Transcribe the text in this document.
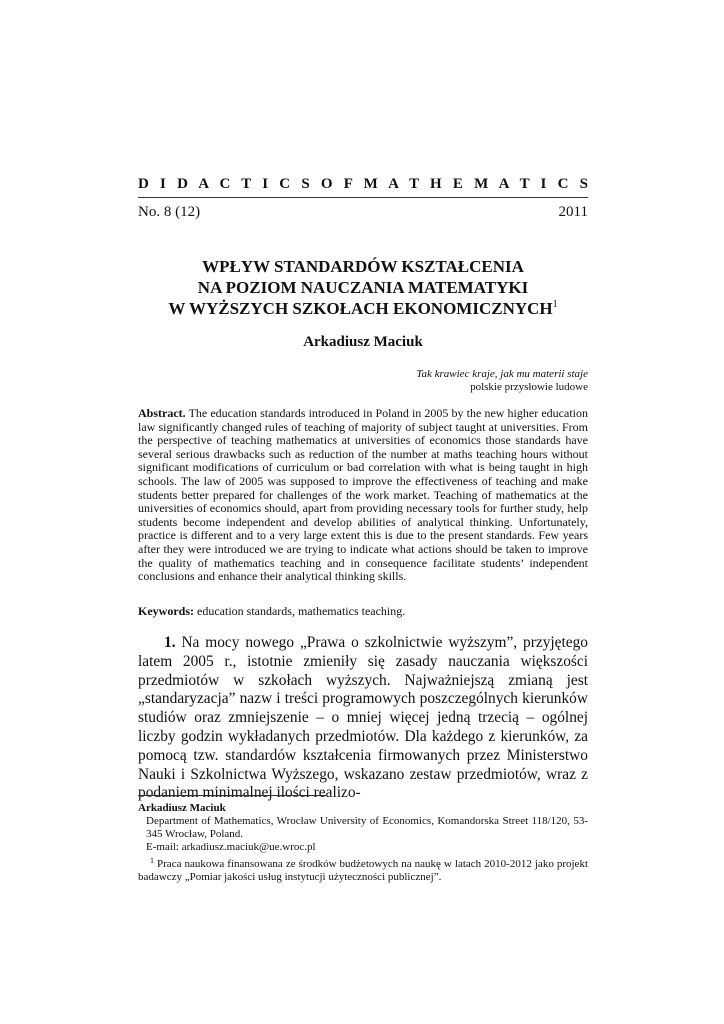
D I D A C T I C S O F M A T H E M A T I C S
No. 8 (12)	2011
WPŁYW STANDARDÓW KSZTAŁCENIA
NA POZIOM NAUCZANIA MATEMATYKI
W WYŻSZYCH SZKOŁACH EKONOMICZNYCH$^1$
Arkadiusz Maciuk
Tak krawiec kraje, jak mu materii staje
polskie przysłowie ludowe
Abstract. The education standards introduced in Poland in 2005 by the new higher education law significantly changed rules of teaching of majority of subject taught at universities. From the perspective of teaching mathematics at universities of economics those standards have several serious drawbacks such as reduction of the number at maths teaching hours without significant modifications of curriculum or bad correlation with what is being taught in high schools. The law of 2005 was supposed to improve the effectiveness of teaching and make students better prepared for challenges of the work market. Teaching of mathematics at the universities of economics should, apart from providing necessary tools for further study, help students become independent and develop abilities of analytical thinking. Unfortunately, practice is different and to a very large extent this is due to the present standards. Few years after they were introduced we are trying to indicate what actions should be taken to improve the quality of mathematics teaching and in consequence facilitate students’ independent conclusions and enhance their analytical thinking skills.
Keywords: education standards, mathematics teaching.
1. Na mocy nowego „Prawa o szkolnictwie wyższym”, przyjętego latem 2005 r., istotnie zmieniły się zasady nauczania większości przedmiotów w szkołach wyższych. Najważniejszą zmianą jest „standaryzacja” nazw i treści programowych poszczególnych kierunków studiów oraz zmniejszenie – o mniej więcej jedną trzecią – ogólnej liczby godzin wykładanych przedmiotów. Dla każdego z kierunków, za pomocą tzw. standardów kształcenia firmowanych przez Ministerstwo Nauki i Szkolnictwa Wyższego, wskazano zestaw przedmiotów, wraz z podaniem minimalnej ilości realizo-
Arkadiusz Maciuk
Department of Mathematics, Wrocław University of Economics, Komandorska Street 118/120, 53-345 Wrocław, Poland.
E-mail: arkadiusz.maciuk@ue.wroc.pl
$^1$ Praca naukowa finansowana ze środków budżetowych na naukę w latach 2010-2012 jako projekt badawczy „Pomiar jakości usług instytucji użyteczności publicznej”.
